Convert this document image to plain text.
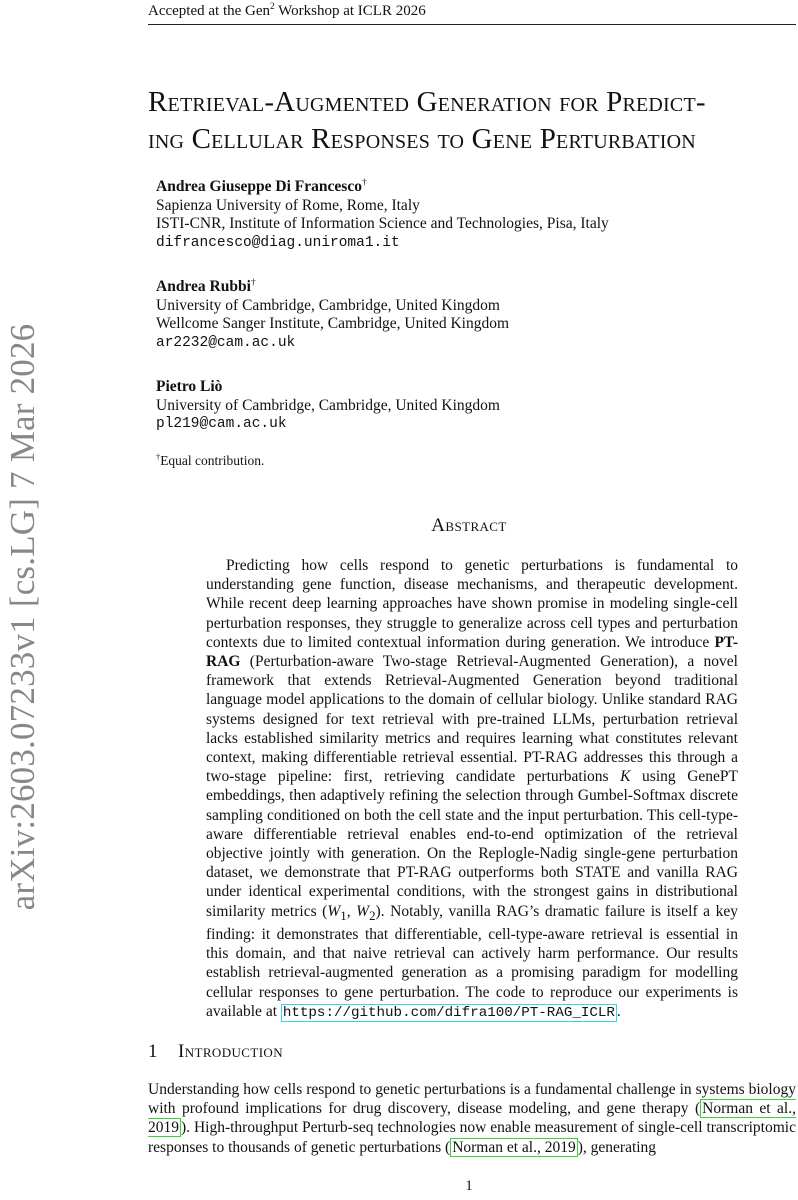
Accepted at the Gen$^2$ Workshop at ICLR 2026
arXiv:2603.07233v1 [cs.LG] 7 Mar 2026
Retrieval-Augmented Generation for Predict-
ing Cellular Responses to Gene Perturbation
Andrea Giuseppe Di Francesco†
Sapienza University of Rome, Rome, Italy
ISTI-CNR, Institute of Information Science and Technologies, Pisa, Italy
difrancesco@diag.uniroma1.it
Andrea Rubbi†
University of Cambridge, Cambridge, United Kingdom
Wellcome Sanger Institute, Cambridge, United Kingdom
ar2232@cam.ac.uk
Pietro Liò
University of Cambridge, Cambridge, United Kingdom
pl219@cam.ac.uk
†Equal contribution.
Abstract
Predicting how cells respond to genetic perturbations is fundamental to understanding gene function, disease mechanisms, and therapeutic development. While recent deep learning approaches have shown promise in modeling single-cell perturbation responses, they struggle to generalize across cell types and perturbation contexts due to limited contextual information during generation. We introduce PT-RAG (Perturbation-aware Two-stage Retrieval-Augmented Generation), a novel framework that extends Retrieval-Augmented Generation beyond traditional language model applications to the domain of cellular biology. Unlike standard RAG systems designed for text retrieval with pre-trained LLMs, perturbation retrieval lacks established similarity metrics and requires learning what constitutes relevant context, making differentiable retrieval essential. PT-RAG addresses this through a two-stage pipeline: first, retrieving candidate perturbations K using GenePT embeddings, then adaptively refining the selection through Gumbel-Softmax discrete sampling conditioned on both the cell state and the input perturbation. This cell-type-aware differentiable retrieval enables end-to-end optimization of the retrieval objective jointly with generation. On the Replogle-Nadig single-gene perturbation dataset, we demonstrate that PT-RAG outperforms both STATE and vanilla RAG under identical experimental conditions, with the strongest gains in distributional similarity metrics ($W_1$, $W_2$). Notably, vanilla RAG’s dramatic failure is itself a key finding: it demonstrates that differentiable, cell-type-aware retrieval is essential in this domain, and that naive retrieval can actively harm performance. Our results establish retrieval-augmented generation as a promising paradigm for modelling cellular responses to gene perturbation. The code to reproduce our experiments is available at https://github.com/difra100/PT-RAG_ICLR .
1 Introduction
Understanding how cells respond to genetic perturbations is a fundamental challenge in systems biology with profound implications for drug discovery, disease modeling, and gene therapy ( Norman et al., 2019 ). High-throughput Perturb-seq technologies now enable measurement of single-cell transcriptomic responses to thousands of genetic perturbations ( Norman et al., 2019 ), generating
1
